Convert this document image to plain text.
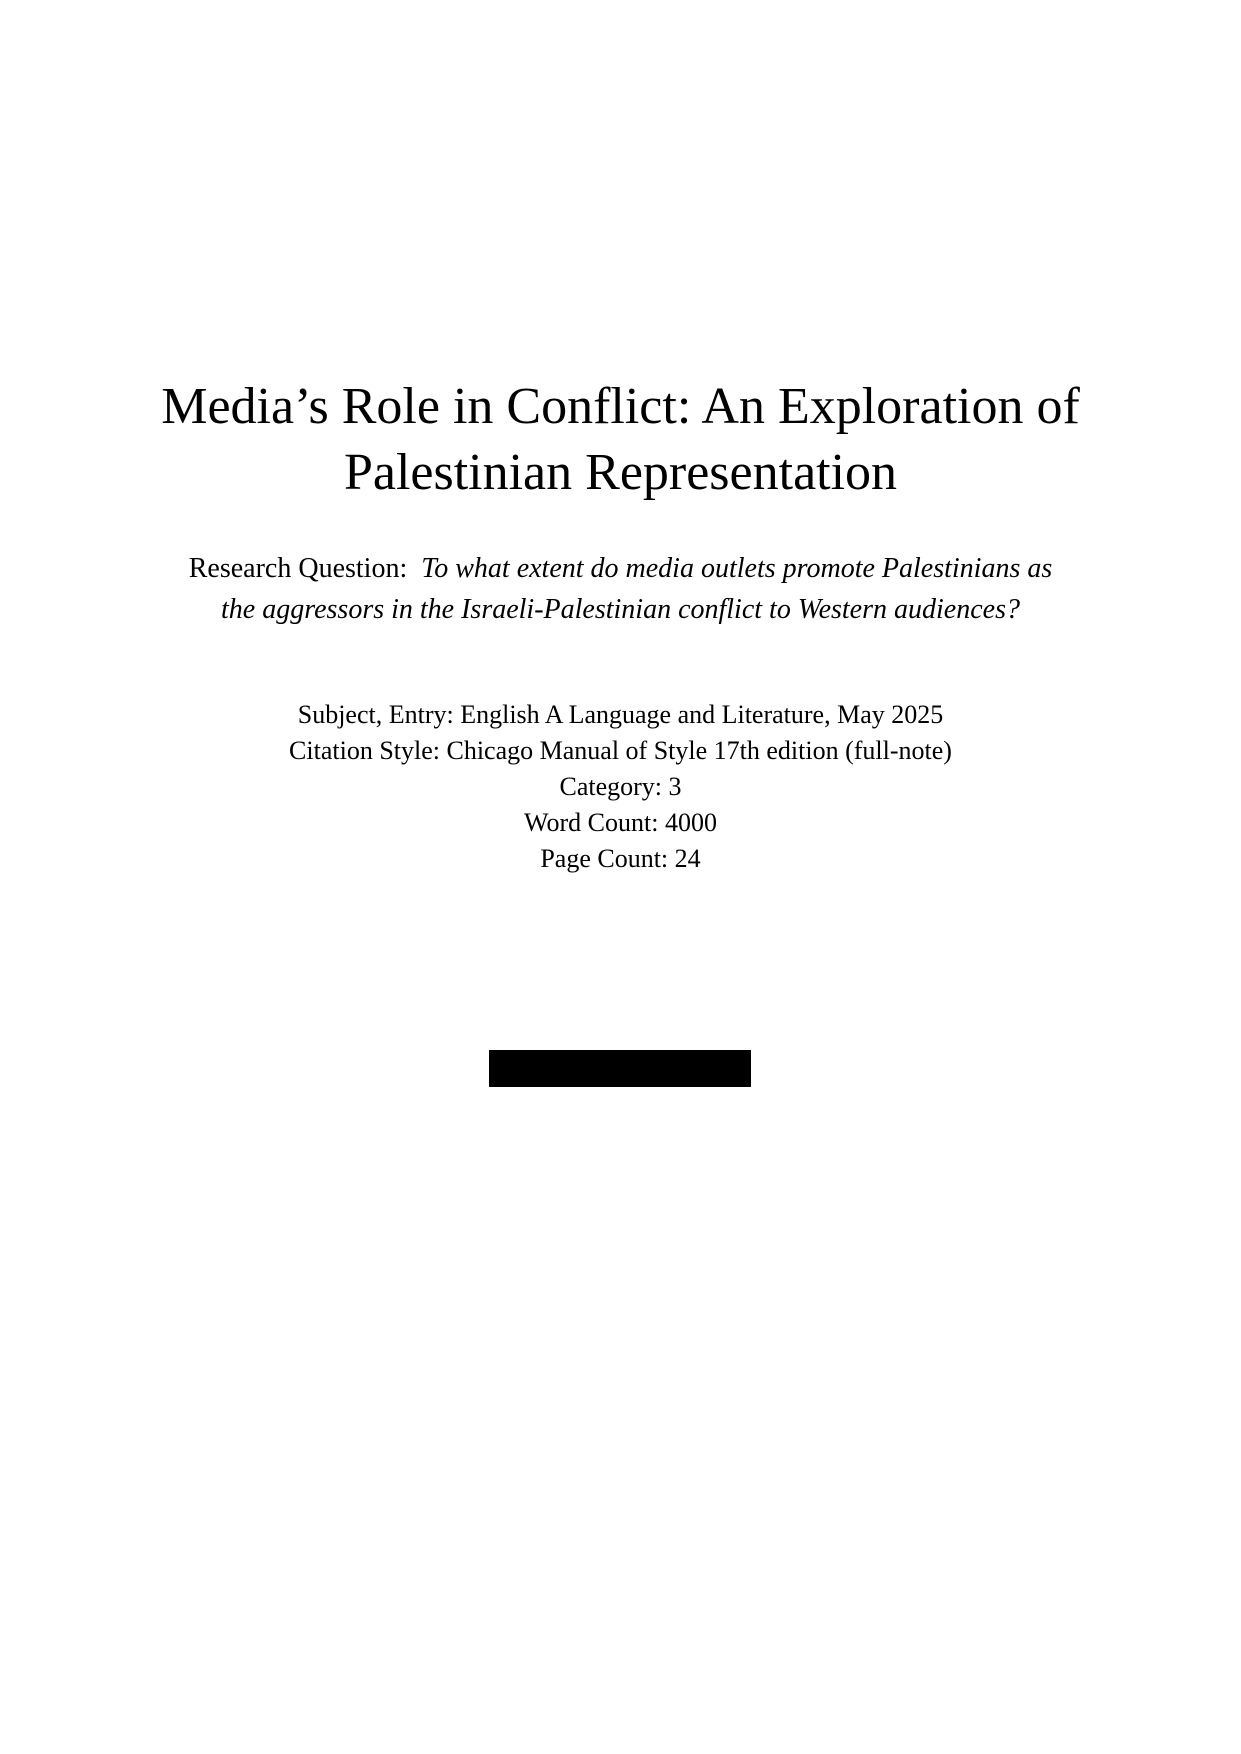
Media’s Role in Conflict: An Exploration of
Palestinian Representation
Research Question: To what extent do media outlets promote Palestinians as
the aggressors in the Israeli-Palestinian conflict to Western audiences?
Subject, Entry: English A Language and Literature, May 2025
Citation Style: Chicago Manual of Style 17th edition (full-note)
Category: 3
Word Count: 4000
Page Count: 24
